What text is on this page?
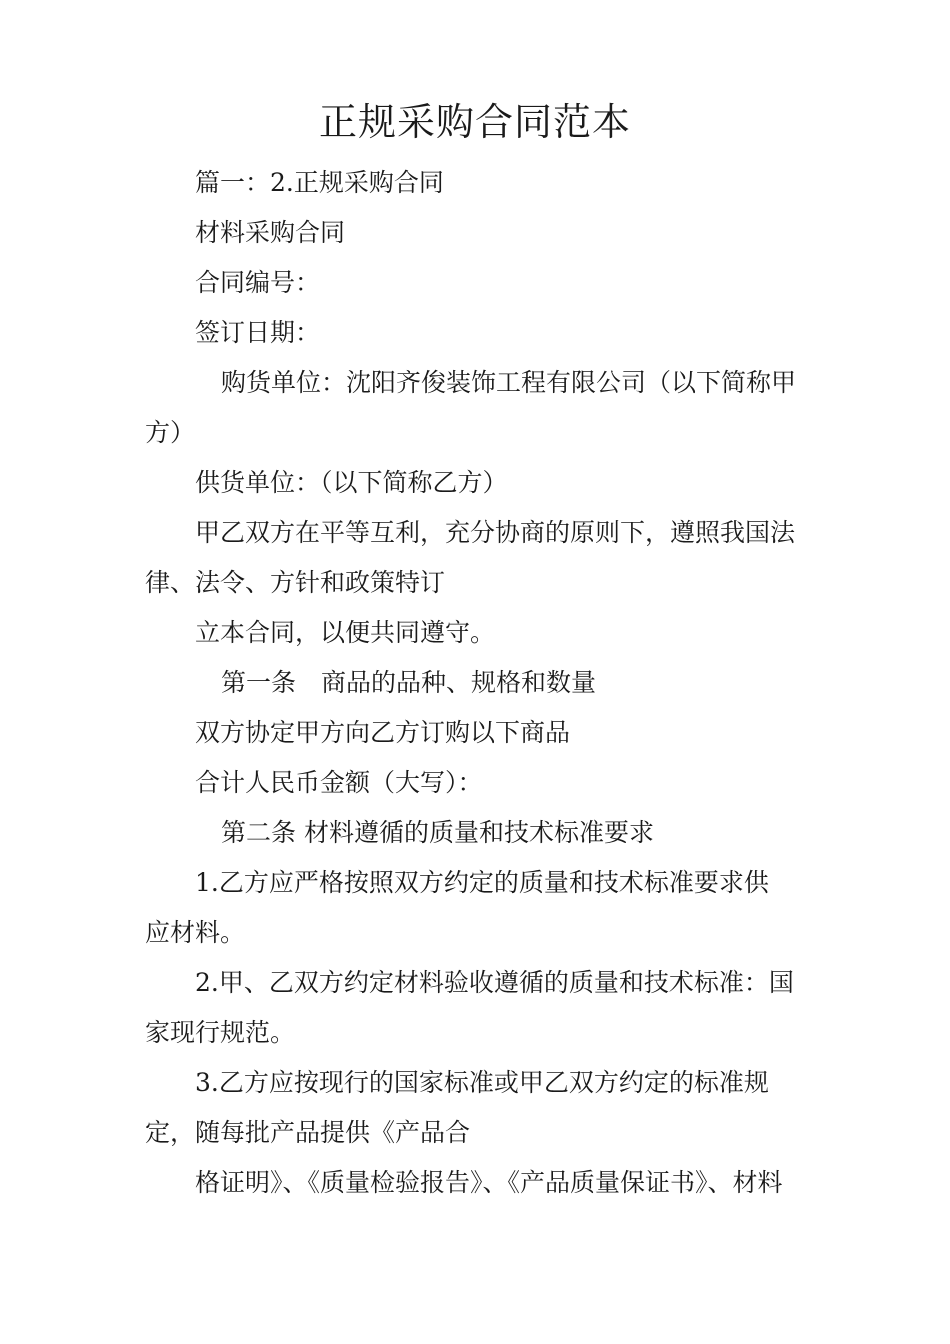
正规采购合同范本

篇一：2.正规采购合同

材料采购合同

合同编号：

签订日期：

购货单位：沈阳齐俊装饰工程有限公司（以下简称甲

方）

供货单位：（以下简称乙方）

甲乙双方在平等互利，充分协商的原则下，遵照我国法

律、法令、方针和政策特订

立本合同，以便共同遵守。

第一条　商品的品种、规格和数量

双方协定甲方向乙方订购以下商品

合计人民币金额（大写）：

第二条 材料遵循的质量和技术标准要求

1.乙方应严格按照双方约定的质量和技术标准要求供

应材料。

2.甲、乙双方约定材料验收遵循的质量和技术标准：国

家现行规范。

3.乙方应按现行的国家标准或甲乙双方约定的标准规

定，随每批产品提供《产品合

格证明》、《质量检验报告》、《产品质量保证书》、材料
